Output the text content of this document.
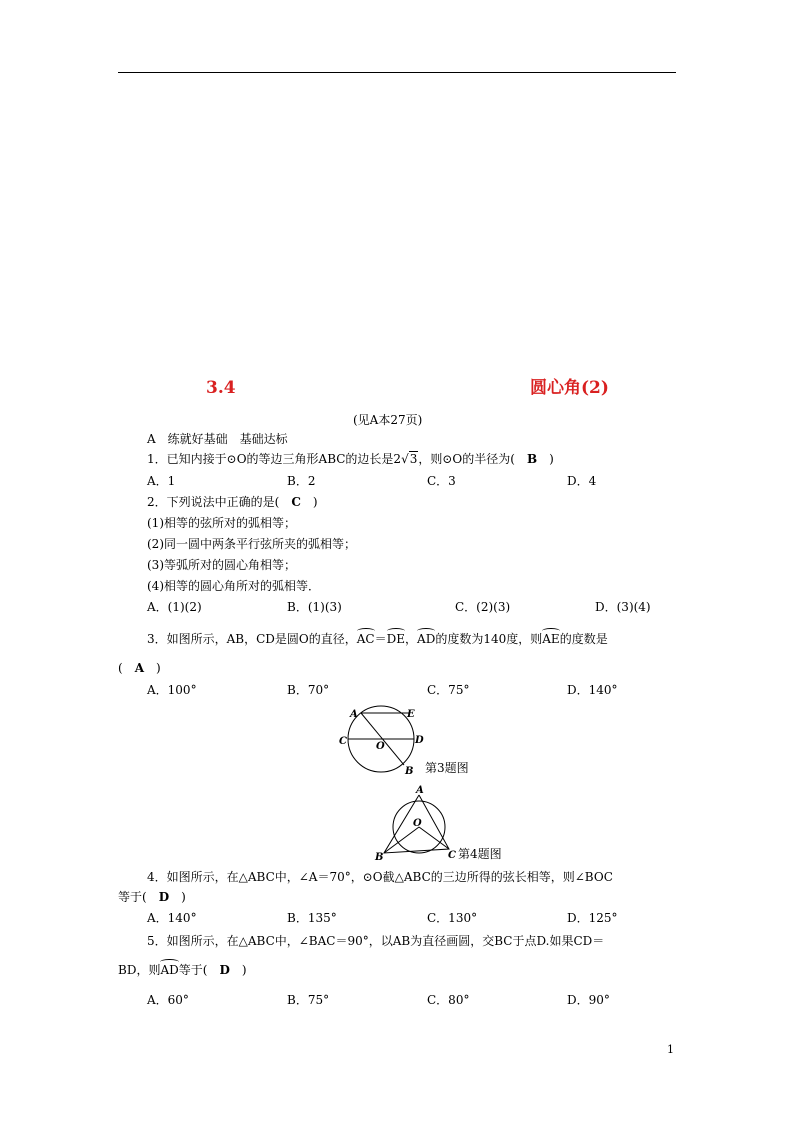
3.4	圆心角(2)
(见A本27页)
A　练就好基础　基础达标
1．已知内接于⊙O的等边三角形ABC的边长是2√3，则⊙O的半径为(　B　)
A．1	B．2	C．3	D．4
2．下列说法中正确的是(　C　)
(1)相等的弦所对的弧相等；
(2)同一圆中两条平行弦所夹的弧相等；
(3)等弧所对的圆心角相等；
(4)相等的圆心角所对的弧相等．
A．(1)(2)	B．(1)(3)	C．(2)(3)	D．(3)(4)
3．如图所示，AB，CD是圆O的直径，AC＝DE，AD的度数为140度，则AE的度数是
(　A　)
A．100°	B．70°	C．75°	D．140°
A	E
C	O
D
B 第3题图
A
O
B	C 第4题图
4．如图所示，在△ABC中，∠A＝70°，⊙O截△ABC的三边所得的弦长相等，则∠BOC
等于(　D　)
A．140°	B．135°	C．130°	D．125°
5．如图所示，在△ABC中，∠BAC＝90°，以AB为直径画圆，交BC于点D.如果CD＝
BD，则AD等于(　D　)
A．60°	B．75°	C．80°	D．90°
1
